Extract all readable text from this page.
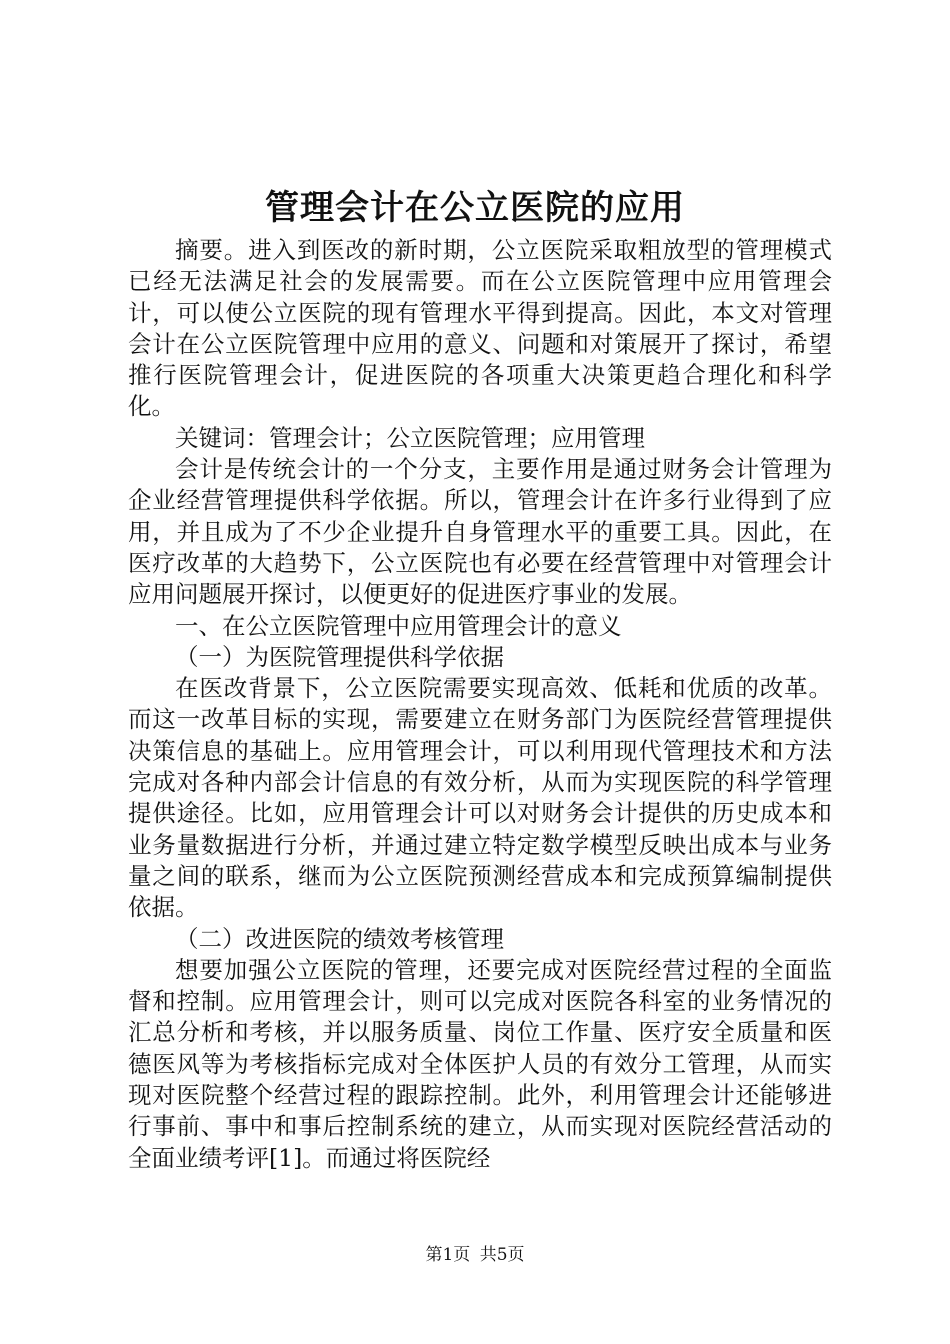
管理会计在公立医院的应用

摘要。进入到医改的新时期，公立医院采取粗放型的管理模式已经无法满足社会的发展需要。而在公立医院管理中应用管理会计，可以使公立医院的现有管理水平得到提高。因此，本文对管理会计在公立医院管理中应用的意义、问题和对策展开了探讨，希望推行医院管理会计，促进医院的各项重大决策更趋合理化和科学化。

关键词：管理会计；公立医院管理；应用管理

会计是传统会计的一个分支，主要作用是通过财务会计管理为企业经营管理提供科学依据。所以，管理会计在许多行业得到了应用，并且成为了不少企业提升自身管理水平的重要工具。因此，在医疗改革的大趋势下，公立医院也有必要在经营管理中对管理会计应用问题展开探讨，以便更好的促进医疗事业的发展。

一、在公立医院管理中应用管理会计的意义

（一）为医院管理提供科学依据

在医改背景下，公立医院需要实现高效、低耗和优质的改革。而这一改革目标的实现，需要建立在财务部门为医院经营管理提供决策信息的基础上。应用管理会计，可以利用现代管理技术和方法完成对各种内部会计信息的有效分析，从而为实现医院的科学管理提供途径。比如，应用管理会计可以对财务会计提供的历史成本和业务量数据进行分析，并通过建立特定数学模型反映出成本与业务量之间的联系，继而为公立医院预测经营成本和完成预算编制提供依据。

（二）改进医院的绩效考核管理

想要加强公立医院的管理，还要完成对医院经营过程的全面监督和控制。应用管理会计，则可以完成对医院各科室的业务情况的汇总分析和考核，并以服务质量、岗位工作量、医疗安全质量和医德医风等为考核指标完成对全体医护人员的有效分工管理，从而实现对医院整个经营过程的跟踪控制。此外，利用管理会计还能够进行事前、事中和事后控制系统的建立，从而实现对医院经营活动的全面业绩考评[1]。而通过将医院经

第1页 共5页
